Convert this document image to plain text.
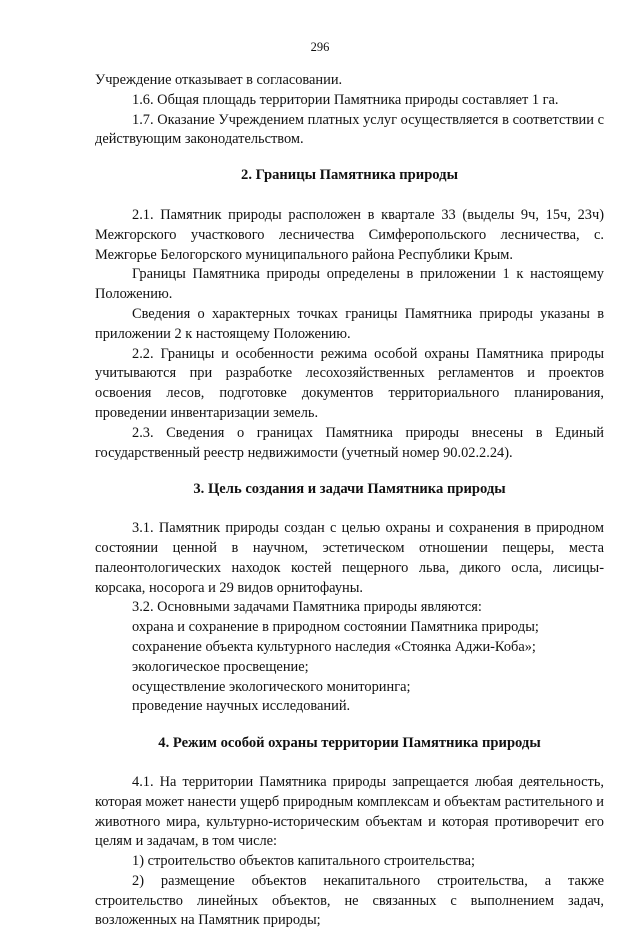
296

Учреждение отказывает в согласовании.

1.6. Общая площадь территории Памятника природы составляет 1 га.

1.7. Оказание Учреждением платных услуг осуществляется в соответствии с действующим законодательством.

2. Границы Памятника природы

2.1. Памятник природы расположен в квартале 33 (выделы 9ч, 15ч, 23ч) Межгорского участкового лесничества Симферопольского лесничества, с. Межгорье Белогорского муниципального района Республики Крым.

Границы Памятника природы определены в приложении 1 к настоящему Положению.

Сведения о характерных точках границы Памятника природы указаны в приложении 2 к настоящему Положению.

2.2. Границы и особенности режима особой охраны Памятника природы учитываются при разработке лесохозяйственных регламентов и проектов освоения лесов, подготовке документов территориального планирования, проведении инвентаризации земель.

2.3. Сведения о границах Памятника природы внесены в Единый государственный реестр недвижимости (учетный номер 90.02.2.24).

3. Цель создания и задачи Памятника природы

3.1. Памятник природы создан с целью охраны и сохранения в природном состоянии ценной в научном, эстетическом отношении пещеры, места палеонтологических находок костей пещерного льва, дикого осла, лисицы-корсака, носорога и 29 видов орнитофауны.

3.2. Основными задачами Памятника природы являются:

охрана и сохранение в природном состоянии Памятника природы;

сохранение объекта культурного наследия «Стоянка Аджи-Коба»;

экологическое просвещение;

осуществление экологического мониторинга;

проведение научных исследований.

4. Режим особой охраны территории Памятника природы

4.1. На территории Памятника природы запрещается любая деятельность, которая может нанести ущерб природным комплексам и объектам растительного и животного мира, культурно-историческим объектам и которая противоречит его целям и задачам, в том числе:

1) строительство объектов капитального строительства;

2) размещение объектов некапитального строительства, а также строительство линейных объектов, не связанных с выполнением задач, возложенных на Памятник природы;
